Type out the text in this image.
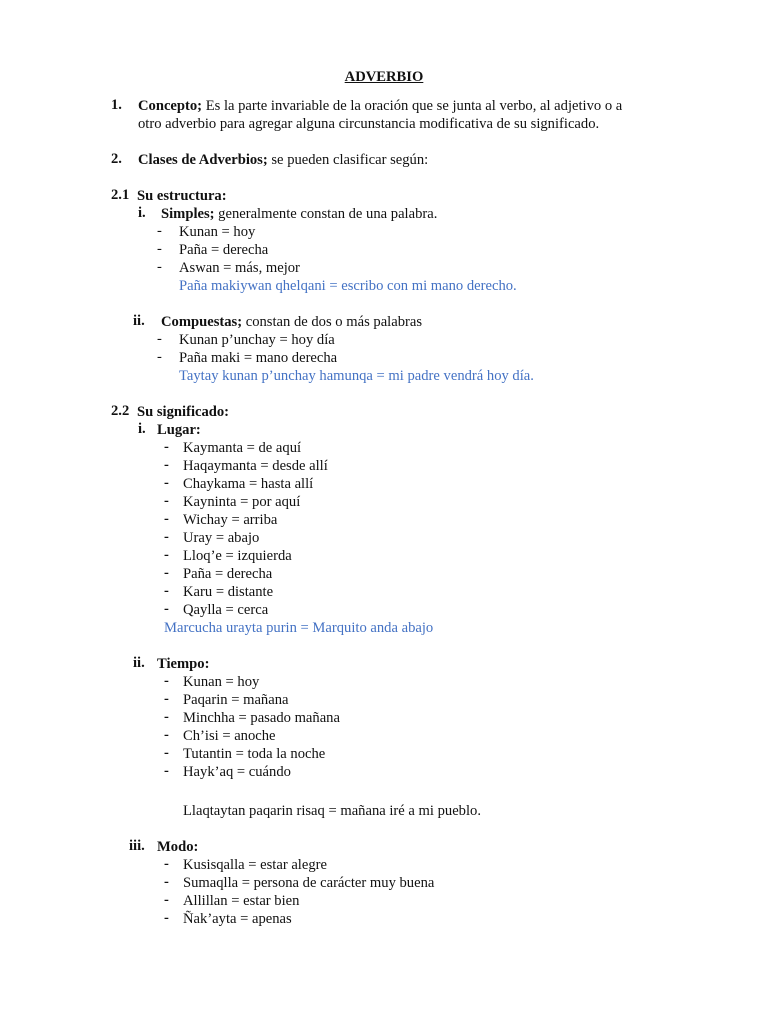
ADVERBIO
1. Concepto; Es la parte invariable de la oración que se junta al verbo, al adjetivo o a
otro adverbio para agregar alguna circunstancia modificativa de su significado.
2. Clases de Adverbios; se pueden clasificar según:
2.1 Su estructura:
i. Simples; generalmente constan de una palabra.
- Kunan = hoy
- Paña = derecha
- Aswan = más, mejor
Paña makiywan qhelqani = escribo con mi mano derecho.
ii. Compuestas; constan de dos o más palabras
- Kunan p’unchay = hoy día
- Paña maki = mano derecha
Taytay kunan p’unchay hamunqa = mi padre vendrá hoy día.
2.2 Su significado:
i. Lugar:
- Kaymanta = de aquí
- Haqaymanta = desde allí
- Chaykama = hasta allí
- Kayninta = por aquí
- Wichay = arriba
- Uray = abajo
- Lloq’e = izquierda
- Paña = derecha
- Karu = distante
- Qaylla = cerca
Marcucha urayta purin = Marquito anda abajo
ii. Tiempo:
- Kunan = hoy
- Paqarin = mañana
- Minchha = pasado mañana
- Ch’isi = anoche
- Tutantin = toda la noche
- Hayk’aq = cuándo
Llaqtaytan paqarin risaq = mañana iré a mi pueblo.
iii. Modo:
- Kusisqalla = estar alegre
- Sumaqlla = persona de carácter muy buena
- Allillan = estar bien
- Ñak’ayta = apenas
